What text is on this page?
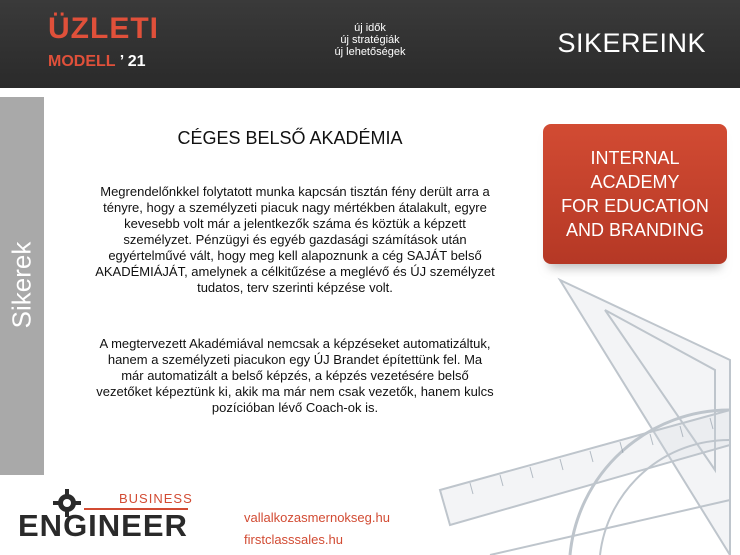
ÜZLETI
MODELL ’ 21
új idők
új stratégiák
új lehetőségek	SIKEREINK
Sikerek
CÉGES BELSŐ AKADÉMIA
Megrendelőnkkel folytatott munka kapcsán tisztán fény derült arra a tényre, hogy a személyzeti piacuk nagy mértékben átalakult, egyre kevesebb volt már a jelentkezők száma és köztük a képzett személyzet. Pénzügyi és egyéb gazdasági számítások után egyértelművé vált, hogy meg kell alapoznunk a cég SAJÁT belső AKADÉMIÁJÁT, amelynek a célkitűzése a meglévő és ÚJ személyzet tudatos, terv szerinti képzése volt.
A megtervezett Akadémiával nemcsak a képzéseket automatizáltuk, hanem a személyzeti piacukon egy ÚJ Brandet építettünk fel. Ma már automatizált a belső képzés, a képzés vezetésére belső vezetőket képeztünk ki, akik ma már nem csak vezetők, hanem kulcs pozícióban lévő Coach-ok is.
INTERNAL
ACADEMY
FOR EDUCATION
AND BRANDING
BUSINESS
ENGINEER	vallalkozasmernokseg.hu
firstclasssales.hu
